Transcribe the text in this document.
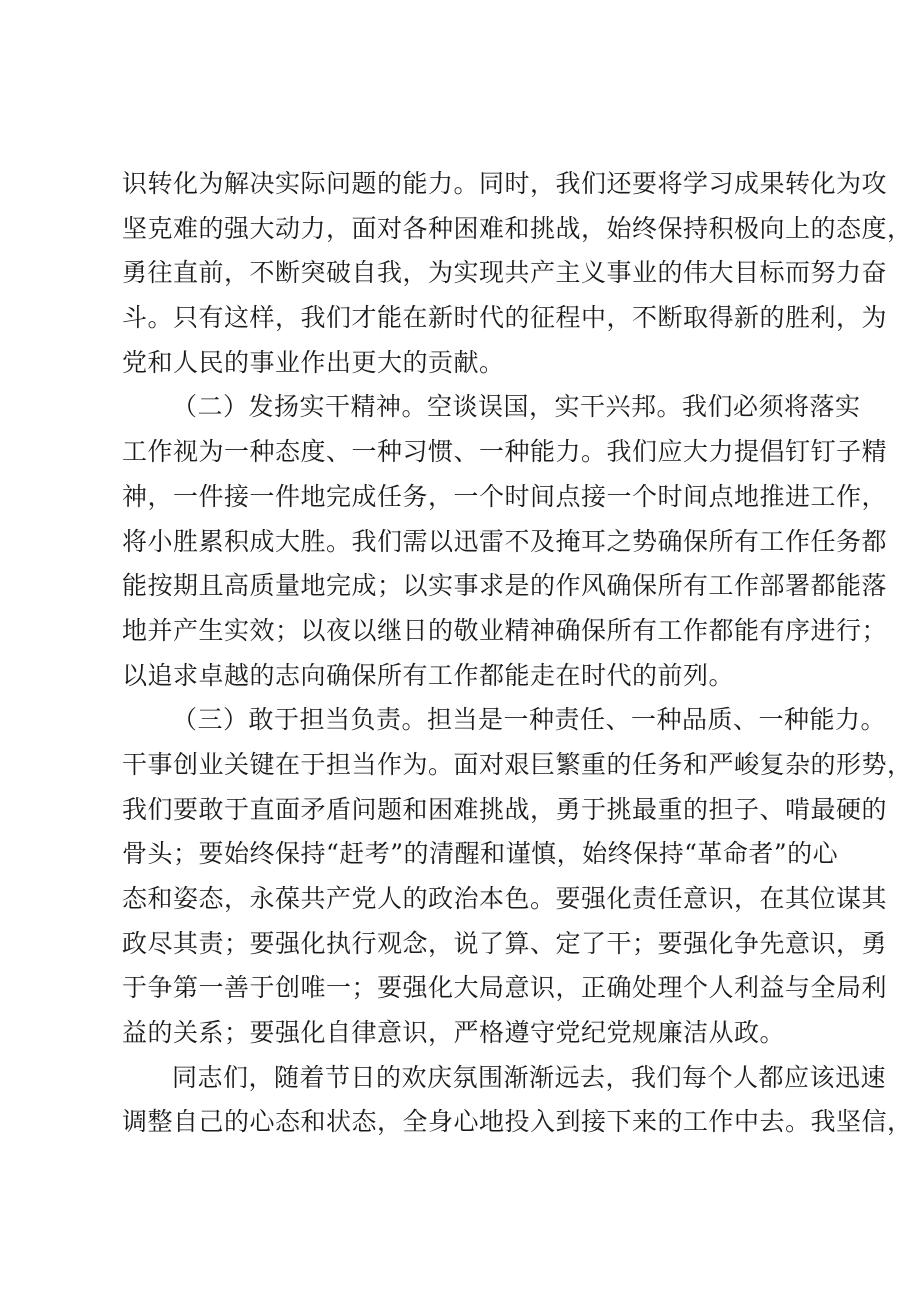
识转化为解决实际问题的能力。同时，我们还要将学习成果转化为攻
坚克难的强大动力，面对各种困难和挑战，始终保持积极向上的态度，
勇往直前，不断突破自我，为实现共产主义事业的伟大目标而努力奋
斗。只有这样，我们才能在新时代的征程中，不断取得新的胜利，为
党和人民的事业作出更大的贡献。
（二）发扬实干精神。空谈误国，实干兴邦。我们必须将落实
工作视为一种态度、一种习惯、一种能力。我们应大力提倡钉钉子精
神，一件接一件地完成任务，一个时间点接一个时间点地推进工作，
将小胜累积成大胜。我们需以迅雷不及掩耳之势确保所有工作任务都
能按期且高质量地完成；以实事求是的作风确保所有工作部署都能落
地并产生实效；以夜以继日的敬业精神确保所有工作都能有序进行；
以追求卓越的志向确保所有工作都能走在时代的前列。
（三）敢于担当负责。担当是一种责任、一种品质、一种能力。
干事创业关键在于担当作为。面对艰巨繁重的任务和严峻复杂的形势，
我们要敢于直面矛盾问题和困难挑战，勇于挑最重的担子、啃最硬的
骨头；要始终保持“赶考”的清醒和谨慎，始终保持“革命者”的心
态和姿态，永葆共产党人的政治本色。要强化责任意识，在其位谋其
政尽其责；要强化执行观念，说了算、定了干；要强化争先意识，勇
于争第一善于创唯一；要强化大局意识，正确处理个人利益与全局利
益的关系；要强化自律意识，严格遵守党纪党规廉洁从政。
同志们，随着节日的欢庆氛围渐渐远去，我们每个人都应该迅速
调整自己的心态和状态，全身心地投入到接下来的工作中去。我坚信，
